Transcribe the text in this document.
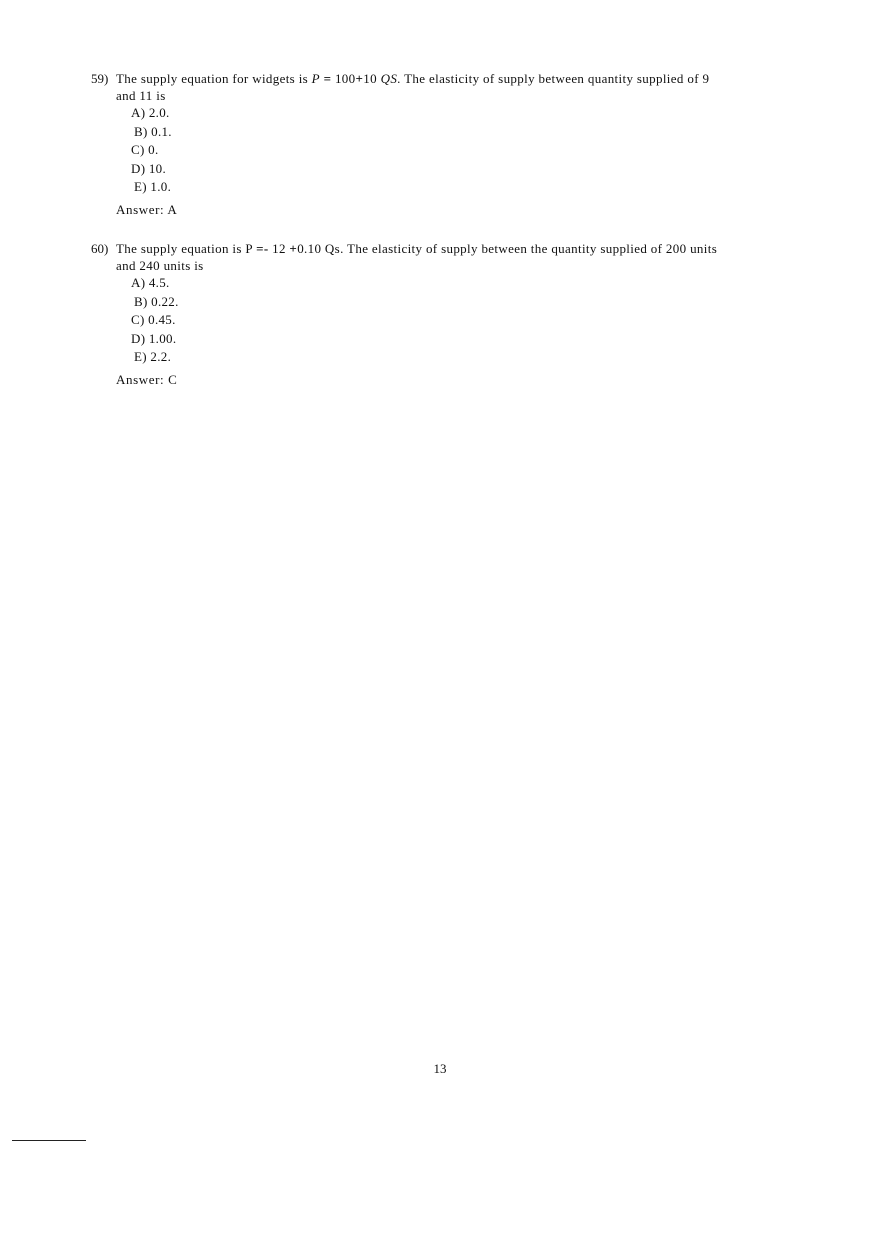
59) The supply equation for widgets is P = 100+10 QS. The elasticity of supply between quantity supplied of 9
and 11 is
A) 2.0.
B) 0.1.
C) 0.
D) 10.
E) 1.0.
Answer: A
60) The supply equation is P =- 12 +0.10 Qs. The elasticity of supply between the quantity supplied of 200 units
and 240 units is
A) 4.5.
B) 0.22.
C) 0.45.
D) 1.00.
E) 2.2.
Answer: C
13
